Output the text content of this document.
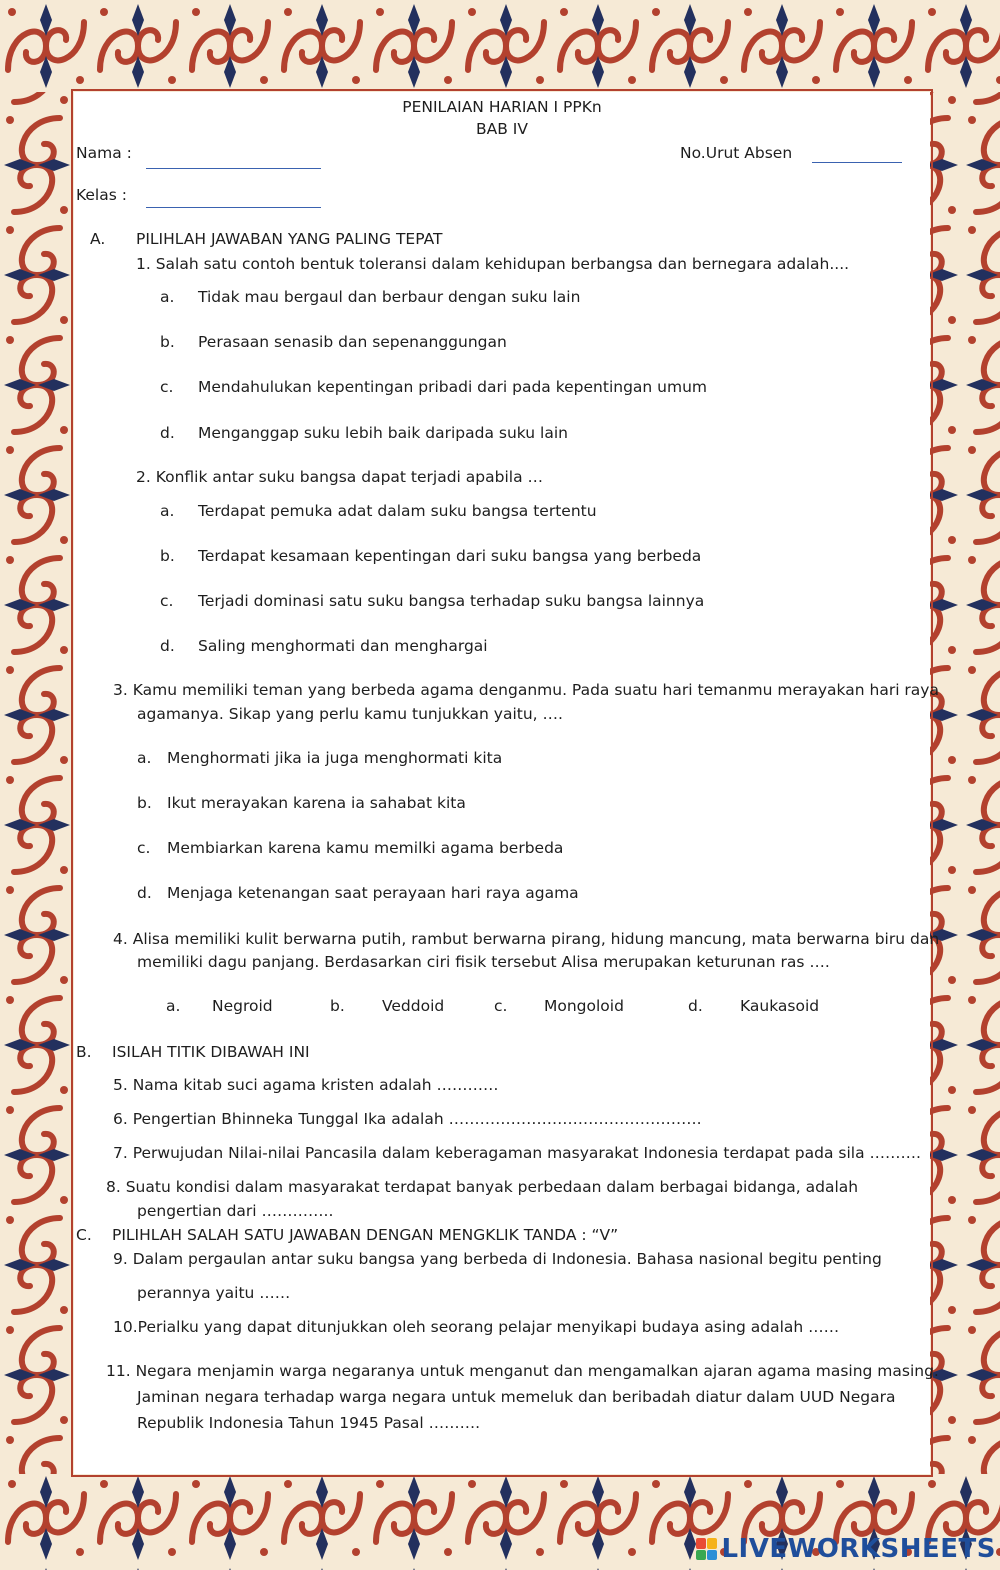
PENILAIAN HARIAN I PPKn
BAB IV
Nama :	No.Urut Absen
Kelas :
A. PILIHLAH JAWABAN YANG PALING TEPAT
1. Salah satu contoh bentuk toleransi dalam kehidupan berbangsa dan bernegara adalah....
a. Tidak mau bergaul dan berbaur dengan suku lain
b. Perasaan senasib dan sepenanggungan
c. Mendahulukan kepentingan pribadi dari pada kepentingan umum
d. Menganggap suku lebih baik daripada suku lain
2. Konflik antar suku bangsa dapat terjadi apabila …
a. Terdapat pemuka adat dalam suku bangsa tertentu
b. Terdapat kesamaan kepentingan dari suku bangsa yang berbeda
c. Terjadi dominasi satu suku bangsa terhadap suku bangsa lainnya
d. Saling menghormati dan menghargai
3. Kamu memiliki teman yang berbeda agama denganmu. Pada suatu hari temanmu merayakan hari raya
agamanya. Sikap yang perlu kamu tunjukkan yaitu, ….
a. Menghormati jika ia juga menghormati kita
b. Ikut merayakan karena ia sahabat kita
c. Membiarkan karena kamu memilki agama berbeda
d. Menjaga ketenangan saat perayaan hari raya agama
4. Alisa memiliki kulit berwarna putih, rambut berwarna pirang, hidung mancung, mata berwarna biru dan
memiliki dagu panjang. Berdasarkan ciri fisik tersebut Alisa merupakan keturunan ras ….
a. Negroid	b. Veddoid	c. Mongoloid	d. Kaukasoid
B. ISILAH TITIK DIBAWAH INI
5. Nama kitab suci agama kristen adalah …………
6. Pengertian Bhinneka Tunggal Ika adalah ………………………………………….
7. Perwujudan Nilai-nilai Pancasila dalam keberagaman masyarakat Indonesia terdapat pada sila ……….
8. Suatu kondisi dalam masyarakat terdapat banyak perbedaan dalam berbagai bidanga, adalah
pengertian dari …………..
C. PILIHLAH SALAH SATU JAWABAN DENGAN MENGKLIK TANDA : “V”
9. Dalam pergaulan antar suku bangsa yang berbeda di Indonesia. Bahasa nasional begitu penting
perannya yaitu ……
10.Perialku yang dapat ditunjukkan oleh seorang pelajar menyikapi budaya asing adalah ……
11. Negara menjamin warga negaranya untuk menganut dan mengamalkan ajaran agama masing masing.
Jaminan negara terhadap warga negara untuk memeluk dan beribadah diatur dalam UUD Negara
Republik Indonesia Tahun 1945 Pasal ……….
LIVEWORKSHEETS
